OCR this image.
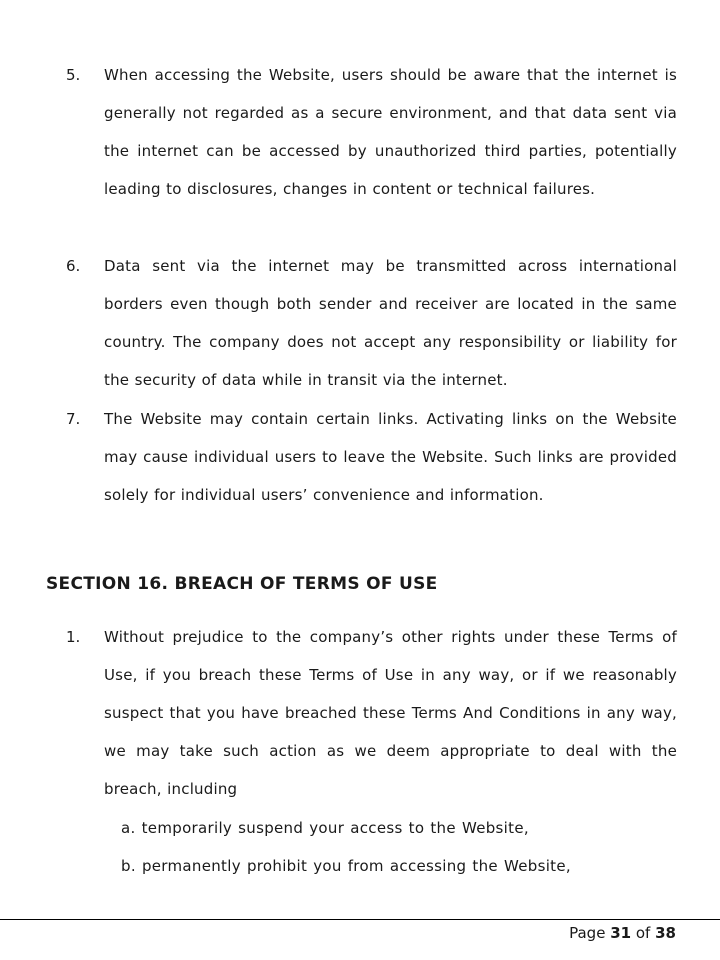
5. When accessing the Website, users should be aware that the internet is generally not regarded as a secure environment, and that data sent via the internet can be accessed by unauthorized third parties, potentially leading to disclosures, changes in content or technical failures.
6. Data sent via the internet may be transmitted across international borders even though both sender and receiver are located in the same country. The company does not accept any responsibility or liability for the security of data while in transit via the internet.
7. The Website may contain certain links. Activating links on the Website may cause individual users to leave the Website. Such links are provided solely for individual users’ convenience and information.
SECTION 16. BREACH OF TERMS OF USE
1. Without prejudice to the company’s other rights under these Terms of Use, if you breach these Terms of Use in any way, or if we reasonably suspect that you have breached these Terms And Conditions in any way, we may take such action as we deem appropriate to deal with the breach, including
a. temporarily suspend your access to the Website,
b. permanently prohibit you from accessing the Website,
Page 31 of 38
